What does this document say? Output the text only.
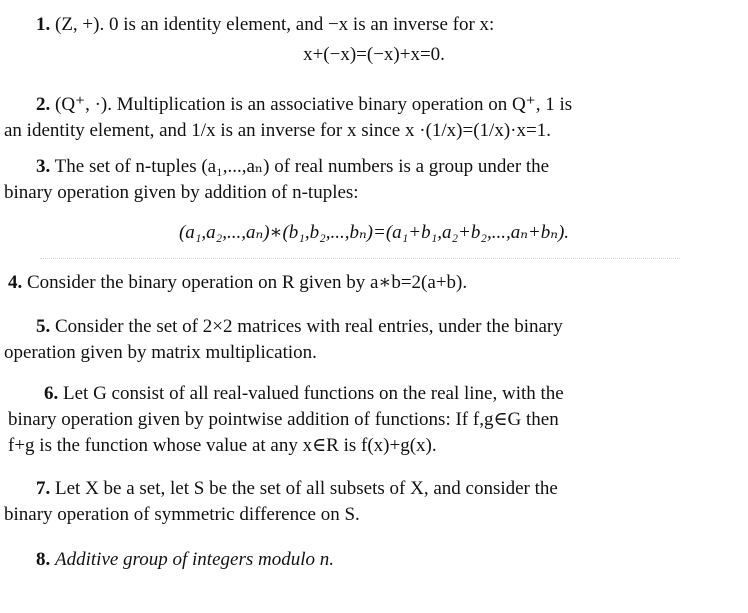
1. (Z, +). 0 is an identity element, and −x is an inverse for x:
x+(−x)=(−x)+x=0.
2. (Q⁺, ·). Multiplication is an associative binary operation on Q⁺, 1 is
an identity element, and 1/x is an inverse for x since x ·(1/x)=(1/x)·x=1.
3. The set of n-tuples (a₁,...,aₙ) of real numbers is a group under the
binary operation given by addition of n-tuples:
(a₁,a₂,...,aₙ)∗(b₁,b₂,...,bₙ)=(a₁+b₁,a₂+b₂,...,aₙ+bₙ).
4. Consider the binary operation on R given by a∗b=2(a+b).
5. Consider the set of 2×2 matrices with real entries, under the binary
operation given by matrix multiplication.
6. Let G consist of all real-valued functions on the real line, with the
binary operation given by pointwise addition of functions: If f,g∈G then
f+g is the function whose value at any x∈R is f(x)+g(x).
7. Let X be a set, let S be the set of all subsets of X, and consider the
binary operation of symmetric difference on S.
8. Additive group of integers modulo n.
